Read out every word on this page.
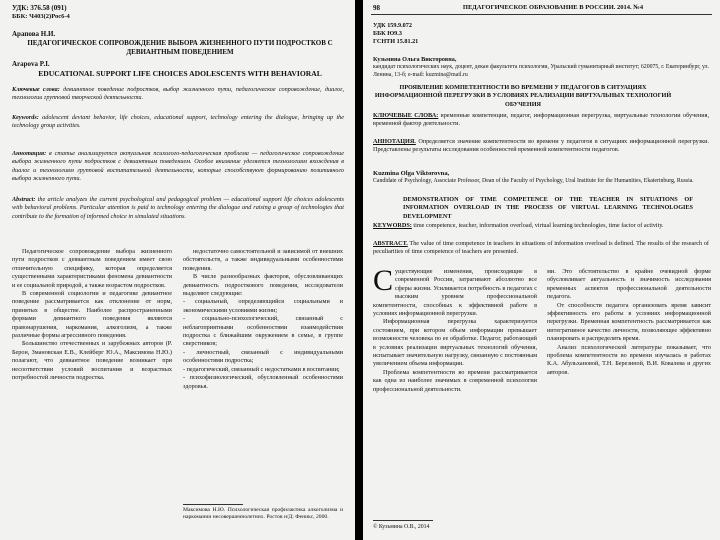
УДК: 376.58 (091)
ББК: Ч403(2)Рос6-4
Арапова Н.И.
ПЕДАГОГИЧЕСКОЕ СОПРОВОЖДЕНИЕ ВЫБОРА ЖИЗНЕННОГО ПУТИ ПОДРОСТКОВ С ДЕВИАНТНЫМ ПОВЕДЕНИЕМ
Arapova P.I.
EDUCATIONAL SUPPORT LIFE CHOICES ADOLESCENTS WITH BEHAVIORAL
Ключевые слова: девиантное поведение подростков, выбор жизненного пути, педагогическое сопровождение, диалог, технологии групповой творческой деятельности.
Keywords: adolescent deviant behavior, life choices, educational support, technology entering the dialogue, bringing up the technology group activities.
Аннотация: в статье анализируется актуальная психолого-педагогическая проблема — педагогическое сопровождение выбора жизненного пути подростков с девиантным поведением. Особое внимание уделяется технологиям вхождения в диалог и технологиям групповой воспитательной деятельности, которые способствуют формированию позитивного выбора жизненного пути.
Abstract: the article analyzes the current psychological and pedagogical problem — educational support life choices adolescents with behavioral problems. Particular attention is paid to technology entering the dialogue and raising a group of technologies that contribute to the formation of informed choice in simulated situations.
Педагогическое сопровождение выбора жизненного пути подростков с девиантным поведением имеет свою отличительную специфику, которая определяется существенными характеристиками феномена девиантности и ее социальной природой, а также возрастом подростков.
В современной социологии и педагогике девиантное поведение рассматривается как отклонение от норм, принятых в обществе. Наиболее распространенными формами девиантного поведения являются правонарушения, наркомания, алкоголизм, а также различные формы агрессивного поведения.
Большинство отечественных и зарубежных авторов (Р. Берон, Змановская Е.В., Клейберг Ю.А., Максимова Н.Ю.) полагают, что девиантное поведение возникает при несоответствии условий воспитания и возрастных потребностей личности подростка.
недостаточно самостоятельной и зависимой от внешних обстоятельств, а также индивидуальными особенностями поведения.
В числе разнообразных факторов, обусловливающих девиантность подросткового поведения, исследователи выделяют следующие:
- социальный, определяющийся социальными и экономическими условиями жизни;
- социально-психологический, связанный с неблагоприятными особенностями взаимодействия подростка с ближайшим окружением в семье, в группе сверстников;
- личностный, связанный с индивидуальными особенностями подростка;
- педагогический, связанный с недостатками в воспитании;
- психофизиологический, обусловленный особенностями здоровья.
Максимова Н.Ю. Психологическая профилактика алкоголизма и наркомании несовершеннолетних. Ростов н/Д: Феникс, 2000.
98	ПЕДАГОГИЧЕСКОЕ ОБРАЗОВАНИЕ В РОССИИ. 2014. №4
УДК 159.9.072
ББК Ю9.3
ГСНТИ 15.81.21
Кузьмина Ольга Викторовна,
кандидат психологических наук, доцент, декан факультета психологии, Уральский гуманитарный институт; 620075, г. Екатеринбург, ул. Ленина, 13-б; e-mail: kuzmina@mail.ru
ПРОЯВЛЕНИЕ КОМПЕТЕНТНОСТИ ВО ВРЕМЕНИ У ПЕДАГОГОВ В СИТУАЦИЯХ ИНФОРМАЦИОННОЙ ПЕРЕГРУЗКИ В УСЛОВИЯХ РЕАЛИЗАЦИИ ВИРТУАЛЬНЫХ ТЕХНОЛОГИЙ ОБУЧЕНИЯ
КЛЮЧЕВЫЕ СЛОВА: временные компетенции, педагог, информационная перегрузка, виртуальные технологии обучения, временной фактор деятельности.
АННОТАЦИЯ. Определяется значение компетентности во времени у педагогов в ситуациях информационной перегрузки. Представлены результаты исследования особенностей временной компетентности педагогов.
Kuzmina Olga Viktorovna,
Candidate of Psychology, Associate Professor, Dean of the Faculty of Psychology, Ural Institute for the Humanities, Ekaterinburg, Russia.
DEMONSTRATION OF TIME COMPETENCE OF THE TEACHER IN SITUATIONS OF INFORMATION OVERLOAD IN THE PROCESS OF VIRTUAL LEARNING TECHNOLOGIES DEVELOPMENT
KEYWORDS: time competence, teacher, information overload, virtual learning technologies, time factor of activity.
ABSTRACT. The value of time competence in teachers in situations of information overload is defined. The results of the research of peculiarities of time competence of teachers are presented.
С уществующие изменения, происходящие в современной России, затрагивают абсолютно все сферы жизни. Усиливается потребность в педагогах с высоким уровнем профессиональной компетентности, способных к эффективной работе в условиях информационной перегрузки.
Информационная перегрузка характеризуется состоянием, при котором объем информации превышает возможности человека по ее обработке. Педагог, работающий в условиях реализации виртуальных технологий обучения, испытывает значительную нагрузку, связанную с постоянным увеличением объема информации.
Проблема компетентности во времени рассматривается как одна из наиболее значимых в современной психологии профессиональной деятельности.
ми. Это обстоятельство в крайне очевидной форме обусловливает актуальность и значимость исследования временных аспектов профессиональной деятельности педагога.
От способности педагога организовать время зависит эффективность его работы в условиях информационной перегрузки. Временная компетентность рассматривается как интегративное качество личности, позволяющее эффективно планировать и распределять время.
Анализ психологической литературы показывает, что проблема компетентности во времени изучалась в работах К.А. Абульхановой, Т.Н. Березиной, В.И. Ковалева и других авторов.
© Кузьмина О.В., 2014
